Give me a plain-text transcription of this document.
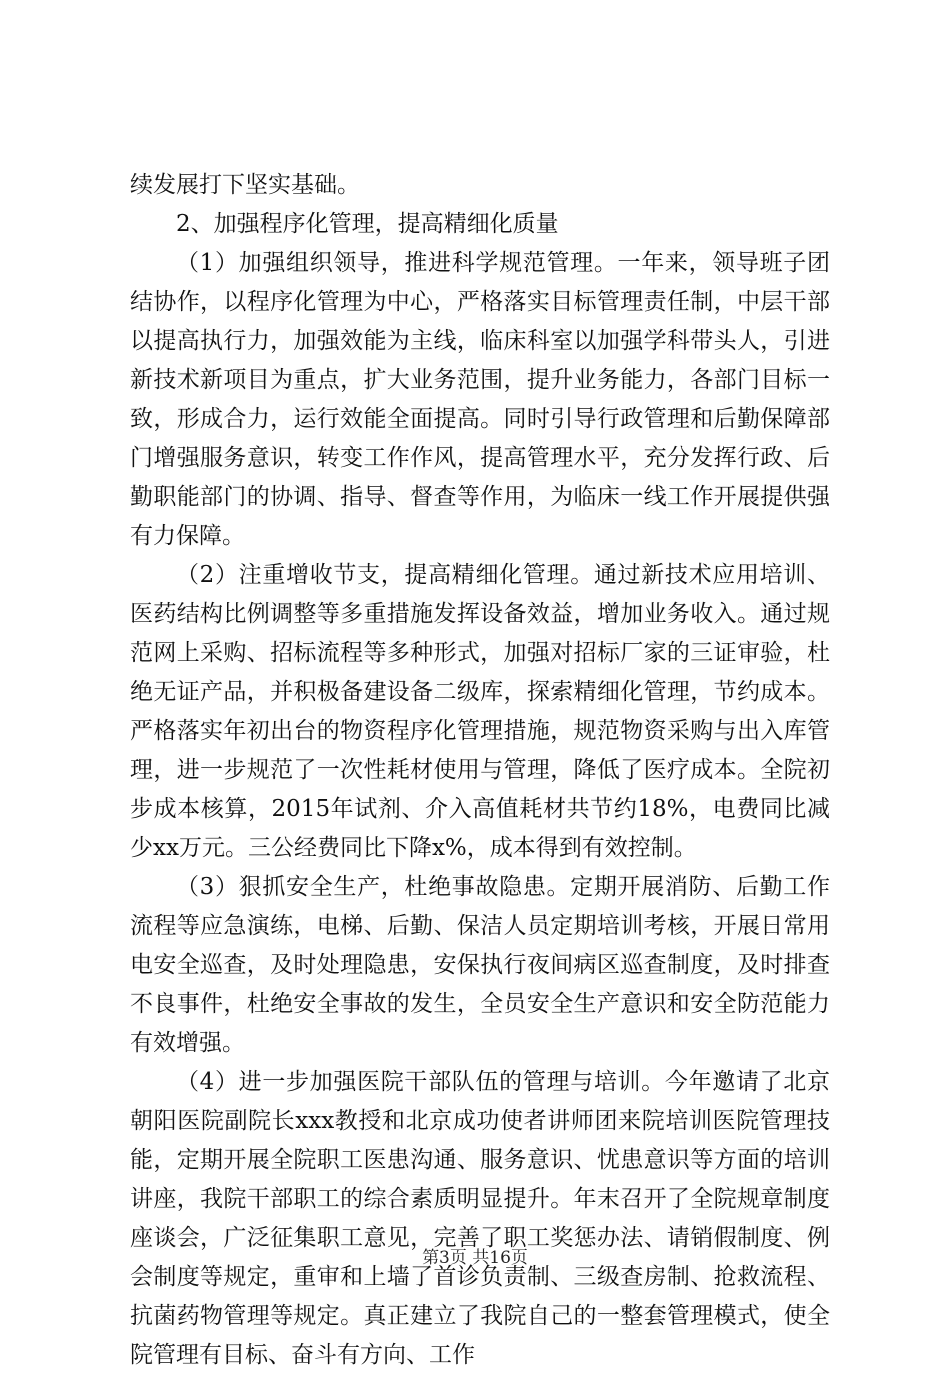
续发展打下坚实基础。

2、加强程序化管理，提高精细化质量

（1）加强组织领导，推进科学规范管理。一年来，领导班子团结协作，以程序化管理为中心，严格落实目标管理责任制，中层干部以提高执行力，加强效能为主线，临床科室以加强学科带头人，引进新技术新项目为重点，扩大业务范围，提升业务能力，各部门目标一致，形成合力，运行效能全面提高。同时引导行政管理和后勤保障部门增强服务意识，转变工作作风，提高管理水平，充分发挥行政、后勤职能部门的协调、指导、督查等作用，为临床一线工作开展提供强有力保障。

（2）注重增收节支，提高精细化管理。通过新技术应用培训、医药结构比例调整等多重措施发挥设备效益，增加业务收入。通过规范网上采购、招标流程等多种形式，加强对招标厂家的三证审验，杜绝无证产品，并积极备建设备二级库，探索精细化管理，节约成本。严格落实年初出台的物资程序化管理措施，规范物资采购与出入库管理，进一步规范了一次性耗材使用与管理，降低了医疗成本。全院初步成本核算，2015年试剂、介入高值耗材共节约18%，电费同比减少xx万元。三公经费同比下降x%，成本得到有效控制。

（3）狠抓安全生产，杜绝事故隐患。定期开展消防、后勤工作流程等应急演练，电梯、后勤、保洁人员定期培训考核，开展日常用电安全巡查，及时处理隐患，安保执行夜间病区巡查制度，及时排查不良事件，杜绝安全事故的发生，全员安全生产意识和安全防范能力有效增强。

（4）进一步加强医院干部队伍的管理与培训。今年邀请了北京朝阳医院副院长xxx教授和北京成功使者讲师团来院培训医院管理技能，定期开展全院职工医患沟通、服务意识、忧患意识等方面的培训讲座，我院干部职工的综合素质明显提升。年末召开了全院规章制度座谈会，广泛征集职工意见，完善了职工奖惩办法、请销假制度、例会制度等规定，重审和上墙了首诊负责制、三级查房制、抢救流程、抗菌药物管理等规定。真正建立了我院自己的一整套管理模式，使全院管理有目标、奋斗有方向、工作

第3页 共16页
